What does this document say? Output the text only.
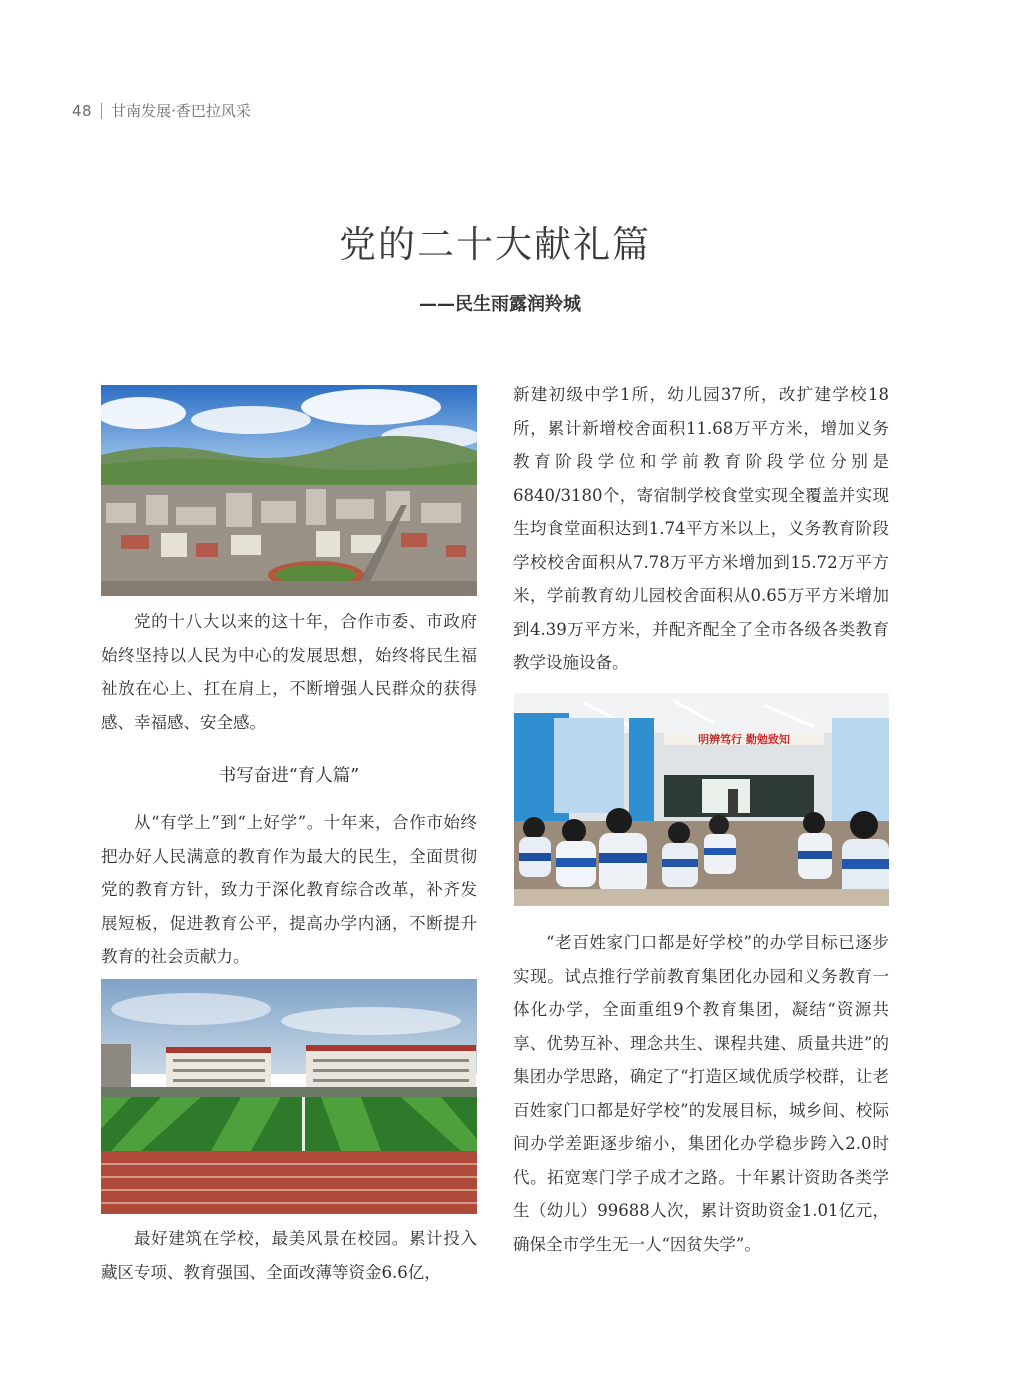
48 甘南发展·香巴拉风采
党的二十大献礼篇
——民生雨露润羚城

党的十八大以来的这十年，合作市委、市政府始终坚持以人民为中心的发展思想，始终将民生福祉放在心上、扛在肩上，不断增强人民群众的获得感、幸福感、安全感。

书写奋进“育人篇”

从“有学上”到“上好学”。十年来，合作市始终把办好人民满意的教育作为最大的民生，全面贯彻党的教育方针，致力于深化教育综合改革，补齐发展短板，促进教育公平，提高办学内涵，不断提升教育的社会贡献力。

最好建筑在学校，最美风景在校园。累计投入藏区专项、教育强国、全面改薄等资金6.6亿，

新建初级中学1所，幼儿园37所，改扩建学校18所，累计新增校舍面积11.68万平方米，增加义务教育阶段学位和学前教育阶段学位分别是6840/3180个，寄宿制学校食堂实现全覆盖并实现生均食堂面积达到1.74平方米以上，义务教育阶段学校校舍面积从7.78万平方米增加到15.72万平方米，学前教育幼儿园校舍面积从0.65万平方米增加到4.39万平方米，并配齐配全了全市各级各类教育教学设施设备。

明辨笃行 勤勉致知

“老百姓家门口都是好学校”的办学目标已逐步实现。试点推行学前教育集团化办园和义务教育一体化办学，全面重组9个教育集团，凝结“资源共享、优势互补、理念共生、课程共建、质量共进”的集团办学思路，确定了“打造区域优质学校群，让老百姓家门口都是好学校”的发展目标，城乡间、校际间办学差距逐步缩小，集团化办学稳步跨入2.0时代。拓宽寒门学子成才之路。十年累计资助各类学生（幼儿）99688人次，累计资助资金1.01亿元，确保全市学生无一人“因贫失学”。
